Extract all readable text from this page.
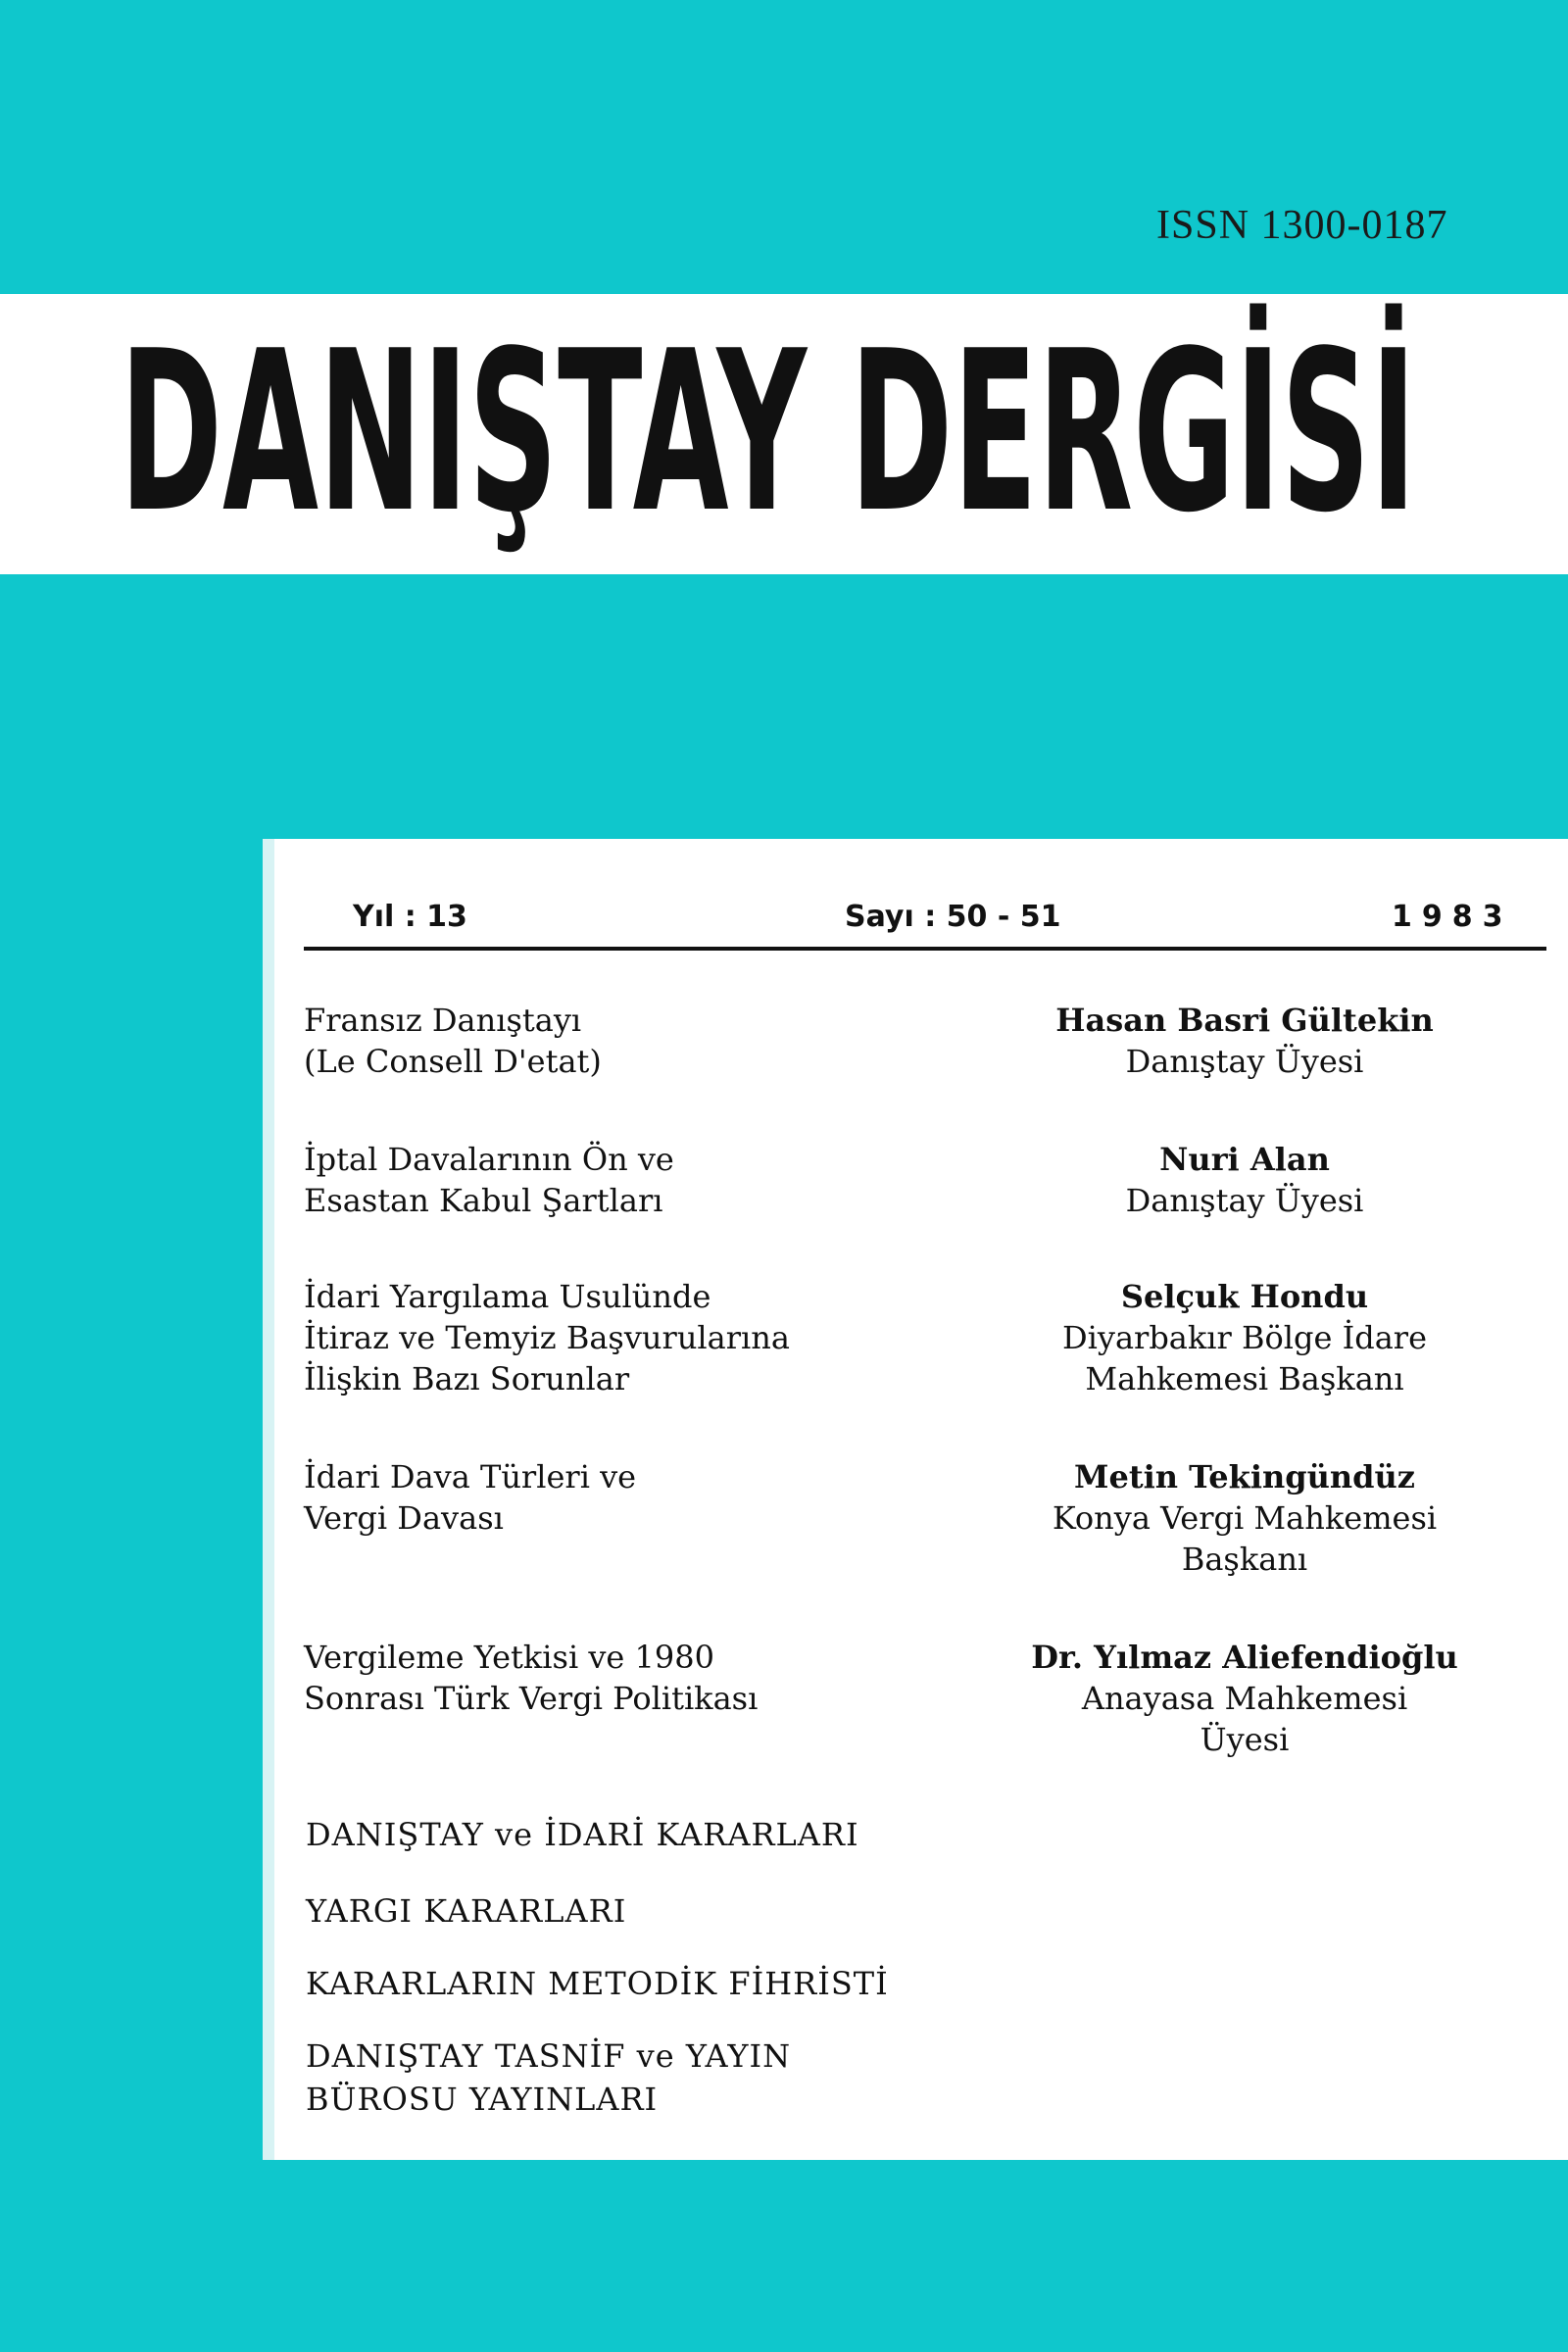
ISSN 1300-0187
DANIŞTAY DERGİSİ
Yıl : 13	Sayı : 50 - 51	1983
Fransız Danıştayı
(Le Consell D'etat)
Hasan Basri Gültekin
Danıştay Üyesi
İptal Davalarının Ön ve
Esastan Kabul Şartları
Nuri Alan
Danıştay Üyesi
İdari Yargılama Usulünde
İtiraz ve Temyiz Başvurularına
İlişkin Bazı Sorunlar
Selçuk Hondu
Diyarbakır Bölge İdare
Mahkemesi Başkanı
İdari Dava Türleri ve
Vergi Davası
Metin Tekingündüz
Konya Vergi Mahkemesi
Başkanı
Vergileme Yetkisi ve 1980
Sonrası Türk Vergi Politikası
Dr. Yılmaz Aliefendioğlu
Anayasa Mahkemesi
Üyesi
DANIŞTAY ve İDARİ KARARLARI
YARGI KARARLARI
KARARLARIN METODİK FİHRİSTİ
DANIŞTAY TASNİF ve YAYIN
BÜROSU YAYINLARI
